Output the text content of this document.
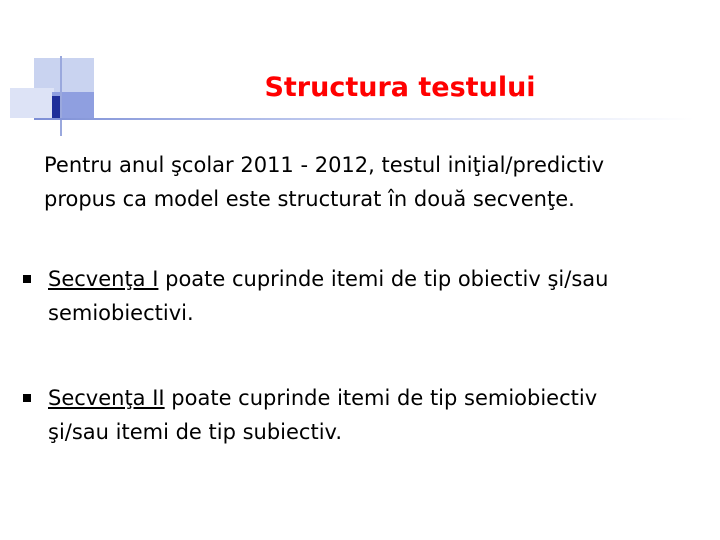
Structura testului

Pentru anul şcolar 2011 - 2012, testul iniţial/predictiv
propus ca model este structurat în două secvenţe.

Secvenţa I poate cuprinde itemi de tip obiectiv şi/sau
semiobiectivi.
Secvenţa II poate cuprinde itemi de tip semiobiectiv
şi/sau itemi de tip subiectiv.
